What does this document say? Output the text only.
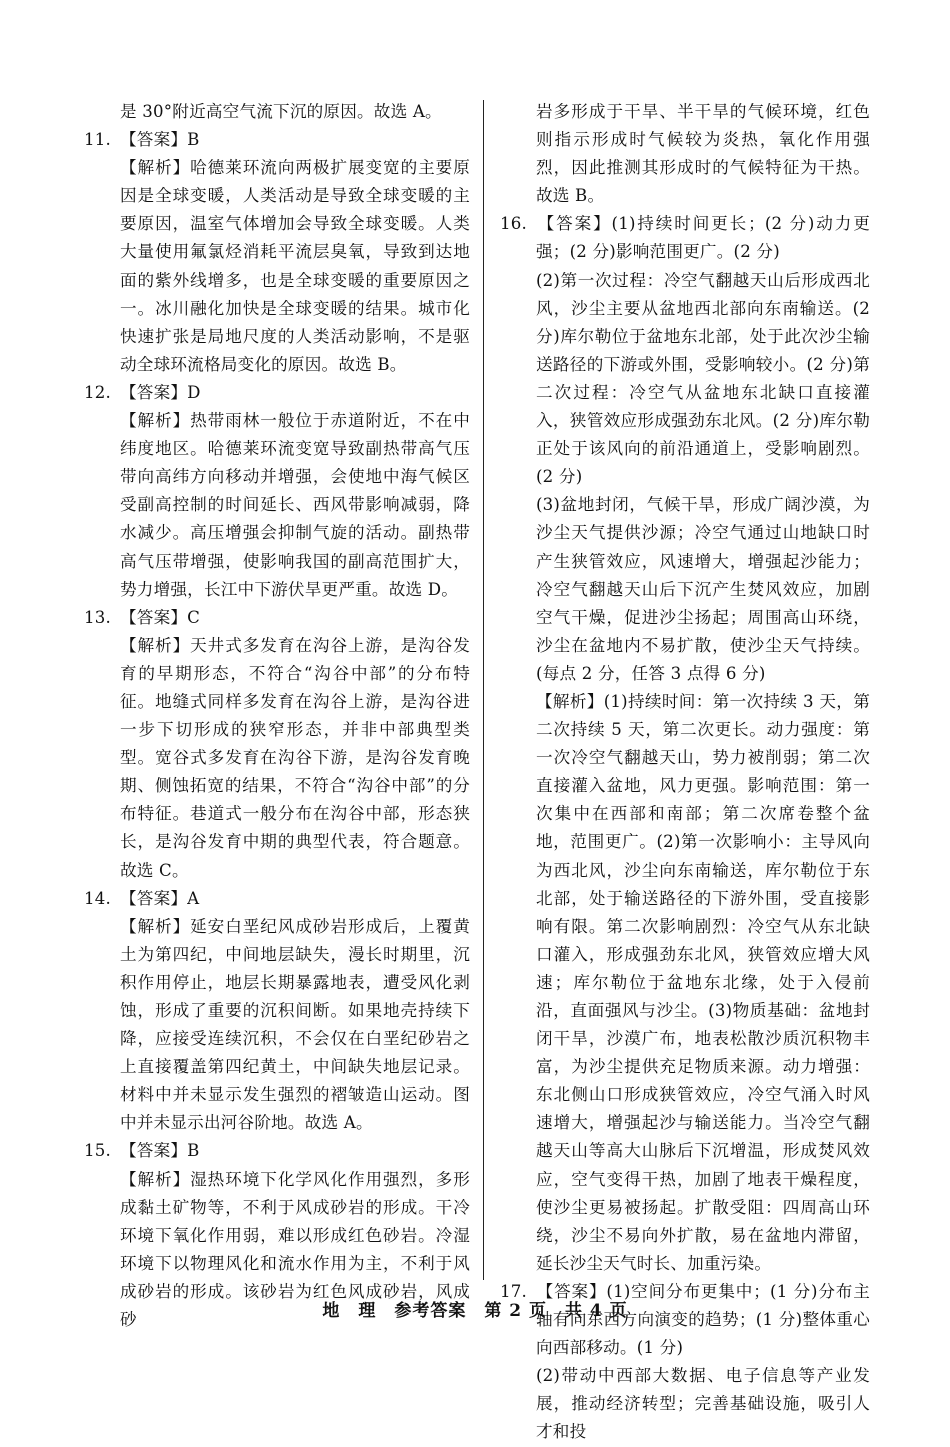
是 30°附近高空气流下沉的原因。故选 A。

11. 【答案】B

【解析】哈德莱环流向两极扩展变宽的主要原因是全球变暖，人类活动是导致全球变暖的主要原因，温室气体增加会导致全球变暖。人类大量使用氟氯烃消耗平流层臭氧，导致到达地面的紫外线增多，也是全球变暖的重要原因之一。冰川融化加快是全球变暖的结果。城市化快速扩张是局地尺度的人类活动影响，不是驱动全球环流格局变化的原因。故选 B。

12. 【答案】D

【解析】热带雨林一般位于赤道附近，不在中纬度地区。哈德莱环流变宽导致副热带高气压带向高纬方向移动并增强，会使地中海气候区受副高控制的时间延长、西风带影响减弱，降水减少。高压增强会抑制气旋的活动。副热带高气压带增强，使影响我国的副高范围扩大，势力增强，长江中下游伏旱更严重。故选 D。

13. 【答案】C

【解析】天井式多发育在沟谷上游，是沟谷发育的早期形态，不符合“沟谷中部”的分布特征。地缝式同样多发育在沟谷上游，是沟谷进一步下切形成的狭窄形态，并非中部典型类型。宽谷式多发育在沟谷下游，是沟谷发育晚期、侧蚀拓宽的结果，不符合“沟谷中部”的分布特征。巷道式一般分布在沟谷中部，形态狭长，是沟谷发育中期的典型代表，符合题意。故选 C。

14. 【答案】A

【解析】延安白垩纪风成砂岩形成后，上覆黄土为第四纪，中间地层缺失，漫长时期里，沉积作用停止，地层长期暴露地表，遭受风化剥蚀，形成了重要的沉积间断。如果地壳持续下降，应接受连续沉积，不会仅在白垩纪砂岩之上直接覆盖第四纪黄土，中间缺失地层记录。材料中并未显示发生强烈的褶皱造山运动。图中并未显示出河谷阶地。故选 A。

15. 【答案】B

【解析】湿热环境下化学风化作用强烈，多形成黏土矿物等，不利于风成砂岩的形成。干冷环境下氧化作用弱，难以形成红色砂岩。冷湿环境下以物理风化和流水作用为主，不利于风成砂岩的形成。该砂岩为红色风成砂岩，风成砂

岩多形成于干旱、半干旱的气候环境，红色则指示形成时气候较为炎热，氧化作用强烈，因此推测其形成时的气候特征为干热。故选 B。

16. 【答案】(1)持续时间更长；(2 分)动力更强；(2 分)影响范围更广。(2 分)

(2)第一次过程：冷空气翻越天山后形成西北风，沙尘主要从盆地西北部向东南输送。(2 分)库尔勒位于盆地东北部，处于此次沙尘输送路径的下游或外围，受影响较小。(2 分)第二次过程：冷空气从盆地东北缺口直接灌入，狭管效应形成强劲东北风。(2 分)库尔勒正处于该风向的前沿通道上，受影响剧烈。(2 分)

(3)盆地封闭，气候干旱，形成广阔沙漠，为沙尘天气提供沙源；冷空气通过山地缺口时产生狭管效应，风速增大，增强起沙能力；冷空气翻越天山后下沉产生焚风效应，加剧空气干燥，促进沙尘扬起；周围高山环绕，沙尘在盆地内不易扩散，使沙尘天气持续。(每点 2 分，任答 3 点得 6 分)

【解析】(1)持续时间：第一次持续 3 天，第二次持续 5 天，第二次更长。动力强度：第一次冷空气翻越天山，势力被削弱；第二次直接灌入盆地，风力更强。影响范围：第一次集中在西部和南部；第二次席卷整个盆地，范围更广。(2)第一次影响小：主导风向为西北风，沙尘向东南输送，库尔勒位于东北部，处于输送路径的下游外围，受直接影响有限。第二次影响剧烈：冷空气从东北缺口灌入，形成强劲东北风，狭管效应增大风速；库尔勒位于盆地东北缘，处于入侵前沿，直面强风与沙尘。(3)物质基础：盆地封闭干旱，沙漠广布，地表松散沙质沉积物丰富，为沙尘提供充足物质来源。动力增强：东北侧山口形成狭管效应，冷空气涌入时风速增大，增强起沙与输送能力。当冷空气翻越天山等高大山脉后下沉增温，形成焚风效应，空气变得干热，加剧了地表干燥程度，使沙尘更易被扬起。扩散受阻：四周高山环绕，沙尘不易向外扩散，易在盆地内滞留，延长沙尘天气时长、加重污染。

17. 【答案】(1)空间分布更集中；(1 分)分布主轴有向东西方向演变的趋势；(1 分)整体重心向西部移动。(1 分)

(2)带动中西部大数据、电子信息等产业发展，推动经济转型；完善基础设施，吸引人才和投

地　理　参考答案　第 2 页　共 4 页
